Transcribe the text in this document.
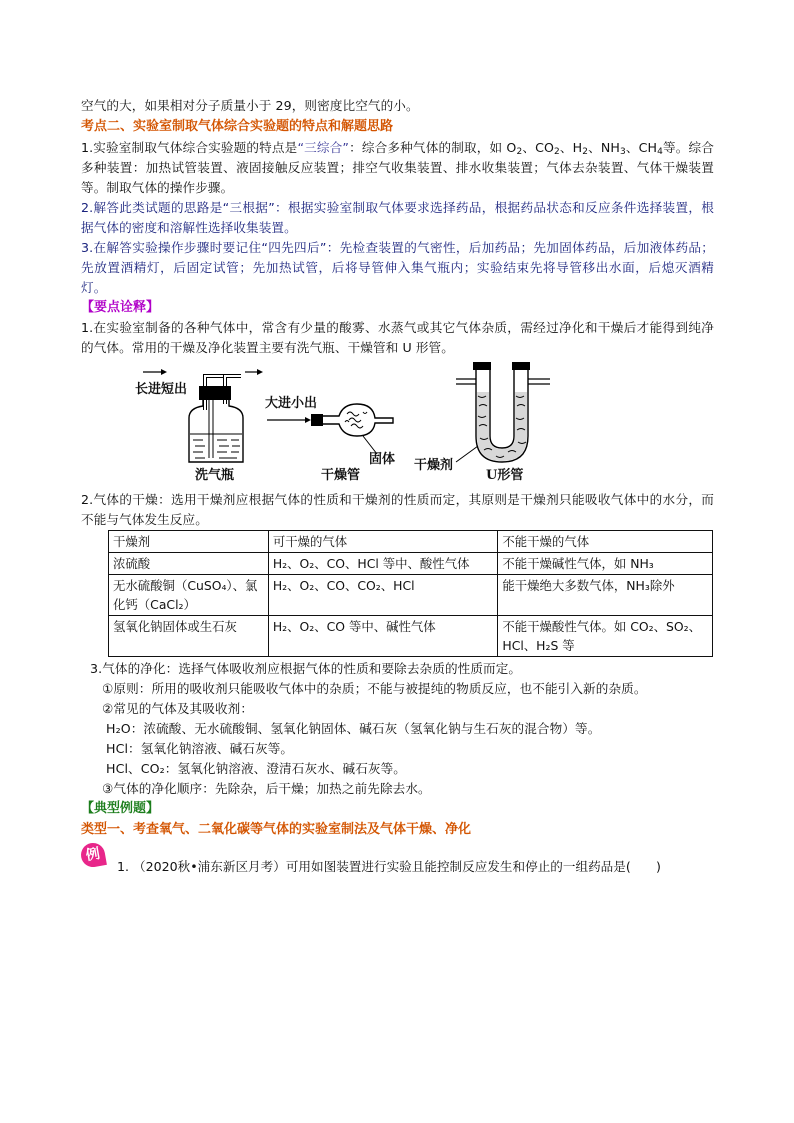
空气的大，如果相对分子质量小于 29，则密度比空气的小。

考点二、实验室制取气体综合实验题的特点和解题思路

1.实验室制取气体综合实验题的特点是“三综合”：综合多种气体的制取，如 $O_2$、$CO_2$、$H_2$、$NH_3$、$CH_4$等。综合多种装置：加热试管装置、液固接触反应装置；排空气收集装置、排水收集装置；气体去杂装置、气体干燥装置等。制取气体的操作步骤。

2.解答此类试题的思路是“三根据”：根据实验室制取气体要求选择药品，根据药品状态和反应条件选择装置，根据气体的密度和溶解性选择收集装置。

3.在解答实验操作步骤时要记住“四先四后”：先检查装置的气密性，后加药品；先加固体药品，后加液体药品；先放置酒精灯，后固定试管；先加热试管，后将导管伸入集气瓶内；实验结束先将导管移出水面，后熄灭酒精灯。

【要点诠释】

1.在实验室制备的各种气体中，常含有少量的酸雾、水蒸气或其它气体杂质，需经过净化和干燥后才能得到纯净的气体。常用的干燥及净化装置主要有洗气瓶、干燥管和 U 形管。

长进短出
洗气瓶
大进小出
固体
干燥管
干燥剂
U形管

2.气体的干燥：选用干燥剂应根据气体的性质和干燥剂的性质而定，其原则是干燥剂只能吸收气体中的水分，而不能与气体发生反应。

干燥剂	可干燥的气体	不能干燥的气体
浓硫酸	H₂、O₂、CO、HCl 等中、酸性气体	不能干燥碱性气体，如 NH₃
无水硫酸铜（CuSO₄）、氯化钙（CaCl₂）	H₂、O₂、CO、CO₂、HCl	能干燥绝大多数气体，NH₃除外
氢氧化钠固体或生石灰	H₂、O₂、CO 等中、碱性气体	不能干燥酸性气体。如 CO₂、SO₂、HCl、H₂S 等

3.气体的净化：选择气体吸收剂应根据气体的性质和要除去杂质的性质而定。

①原则：所用的吸收剂只能吸收气体中的杂质；不能与被提纯的物质反应，也不能引入新的杂质。

②常见的气体及其吸收剂：

H₂O：浓硫酸、无水硫酸铜、氢氧化钠固体、碱石灰（氢氧化钠与生石灰的混合物）等。

HCl：氢氧化钠溶液、碱石灰等。

HCl、CO₂：氢氧化钠溶液、澄清石灰水、碱石灰等。

③气体的净化顺序：先除杂，后干燥；加热之前先除去水。

【典型例题】

类型一、考查氧气、二氧化碳等气体的实验室制法及气体干燥、净化

例
1. （2020秋•浦东新区月考）可用如图装置进行实验且能控制反应发生和停止的一组药品是(　　)
